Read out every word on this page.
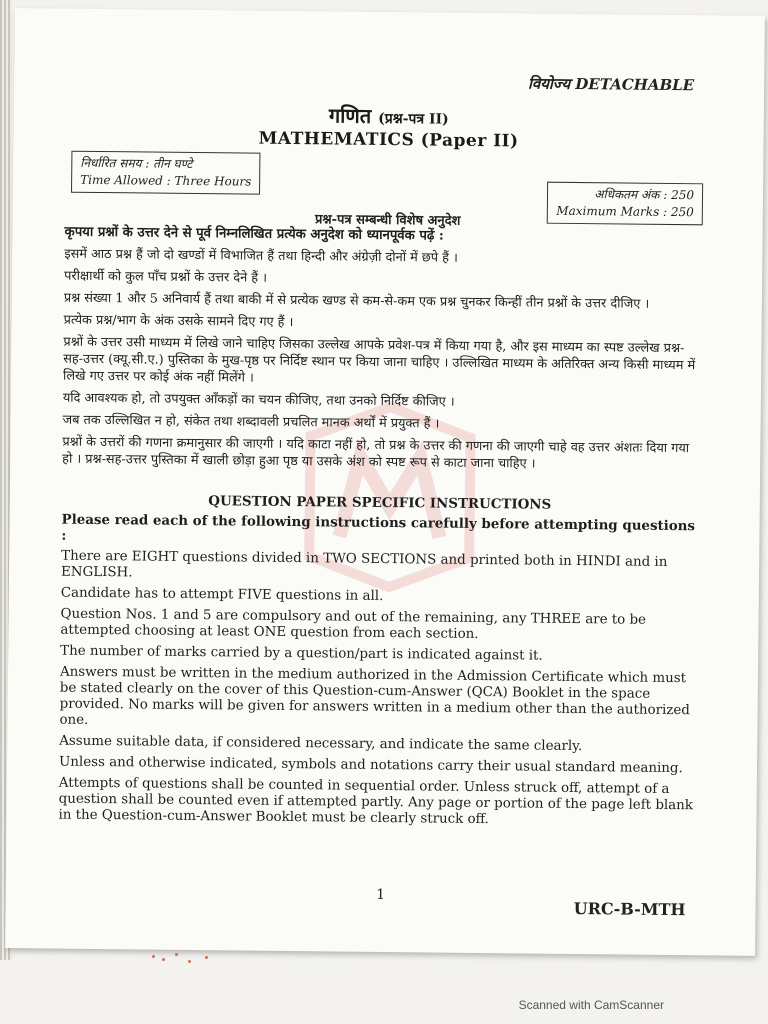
वियोज्य DETACHABLE
गणित (प्रश्न-पत्र II)
MATHEMATICS (Paper II)
निर्धारित समय : तीन घण्टे
Time Allowed : Three Hours
अधिकतम अंक : 250
Maximum Marks : 250
प्रश्न-पत्र सम्बन्धी विशेष अनुदेश

कृपया प्रश्नों के उत्तर देने से पूर्व निम्नलिखित प्रत्येक अनुदेश को ध्यानपूर्वक पढ़ें :

इसमें आठ प्रश्न हैं जो दो खण्डों में विभाजित हैं तथा हिन्दी और अंग्रेज़ी दोनों में छपे हैं ।

परीक्षार्थी को कुल पाँच प्रश्नों के उत्तर देने हैं ।

प्रश्न संख्या 1 और 5 अनिवार्य हैं तथा बाकी में से प्रत्येक खण्ड से कम-से-कम एक प्रश्न चुनकर किन्हीं तीन प्रश्नों के उत्तर दीजिए ।

प्रत्येक प्रश्न/भाग के अंक उसके सामने दिए गए हैं ।

प्रश्नों के उत्तर उसी माध्यम में लिखे जाने चाहिए जिसका उल्लेख आपके प्रवेश-पत्र में किया गया है, और इस माध्यम का स्पष्ट उल्लेख प्रश्न-सह-उत्तर (क्यू.सी.ए.) पुस्तिका के मुख-पृष्ठ पर निर्दिष्ट स्थान पर किया जाना चाहिए । उल्लिखित माध्यम के अतिरिक्त अन्य किसी माध्यम में लिखे गए उत्तर पर कोई अंक नहीं मिलेंगे ।

यदि आवश्यक हो, तो उपयुक्त आँकड़ों का चयन कीजिए, तथा उनको निर्दिष्ट कीजिए ।

जब तक उल्लिखित न हो, संकेत तथा शब्दावली प्रचलित मानक अर्थों में प्रयुक्त हैं ।

प्रश्नों के उत्तरों की गणना क्रमानुसार की जाएगी । यदि काटा नहीं हो, तो प्रश्न के उत्तर की गणना की जाएगी चाहे वह उत्तर अंशतः दिया गया हो । प्रश्न-सह-उत्तर पुस्तिका में खाली छोड़ा हुआ पृष्ठ या उसके अंश को स्पष्ट रूप से काटा जाना चाहिए ।

QUESTION PAPER SPECIFIC INSTRUCTIONS

Please read each of the following instructions carefully before attempting questions :

There are EIGHT questions divided in TWO SECTIONS and printed both in HINDI and in ENGLISH.

Candidate has to attempt FIVE questions in all.

Question Nos. 1 and 5 are compulsory and out of the remaining, any THREE are to be attempted choosing at least ONE question from each section.

The number of marks carried by a question/part is indicated against it.

Answers must be written in the medium authorized in the Admission Certificate which must be stated clearly on the cover of this Question-cum-Answer (QCA) Booklet in the space provided. No marks will be given for answers written in a medium other than the authorized one.

Assume suitable data, if considered necessary, and indicate the same clearly.

Unless and otherwise indicated, symbols and notations carry their usual standard meaning.

Attempts of questions shall be counted in sequential order. Unless struck off, attempt of a question shall be counted even if attempted partly. Any page or portion of the page left blank in the Question-cum-Answer Booklet must be clearly struck off.

1
URC-B-MTH
Scanned with CamScanner
